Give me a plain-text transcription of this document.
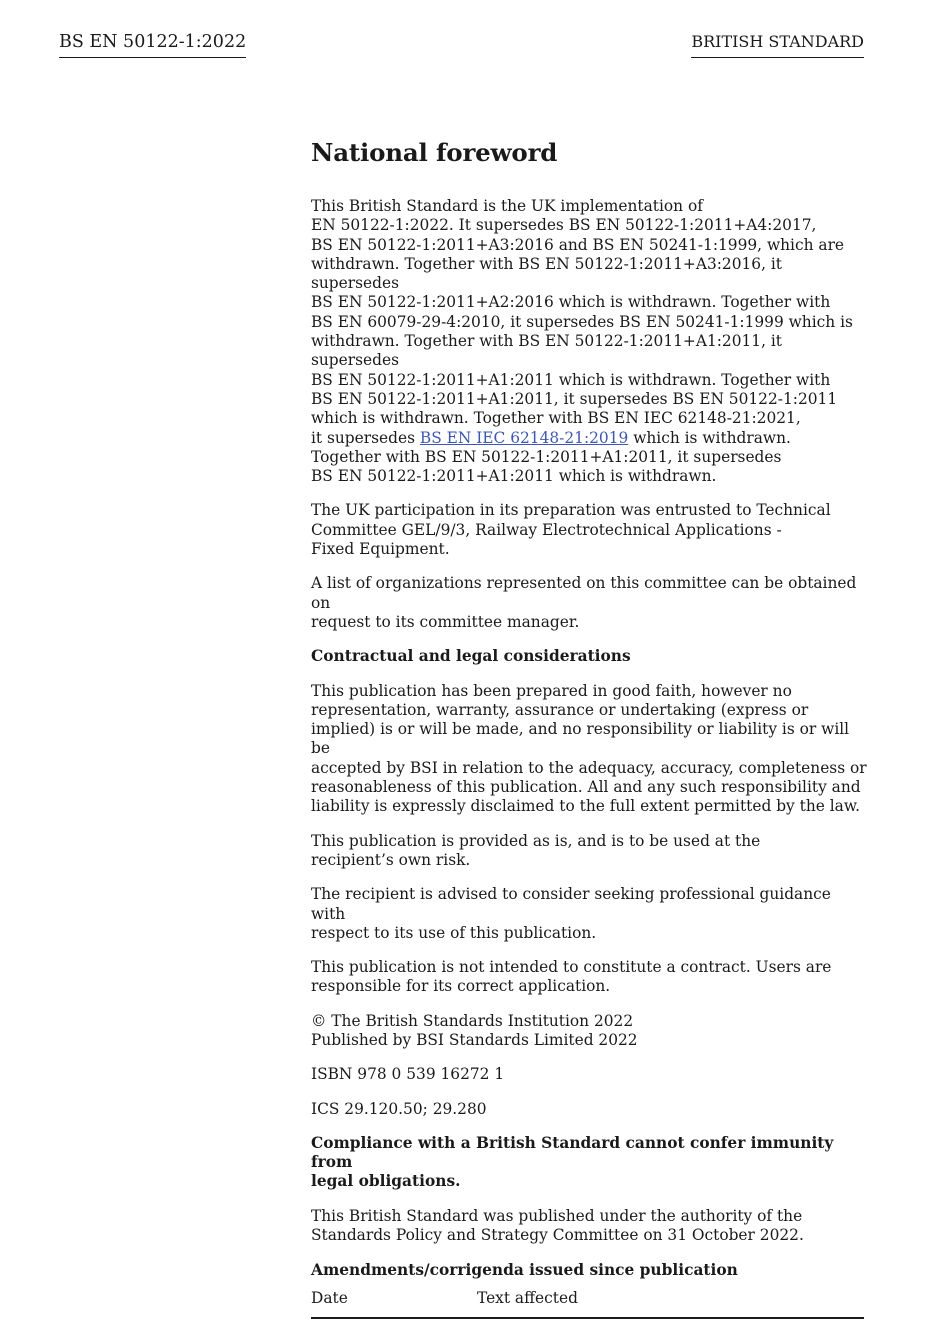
BS EN 50122-1:2022	BRITISH STANDARD
National foreword

This British Standard is the UK implementation of
EN 50122-1:2022. It supersedes BS EN 50122-1:2011+A4:2017,
BS EN 50122-1:2011+A3:2016 and BS EN 50241-1:1999, which are
withdrawn. Together with BS EN 50122-1:2011+A3:2016, it supersedes
BS EN 50122-1:2011+A2:2016 which is withdrawn. Together with
BS EN 60079-29-4:2010, it supersedes BS EN 50241-1:1999 which is
withdrawn. Together with BS EN 50122-1:2011+A1:2011, it supersedes
BS EN 50122-1:2011+A1:2011 which is withdrawn. Together with
BS EN 50122-1:2011+A1:2011, it supersedes BS EN 50122-1:2011
which is withdrawn. Together with BS EN IEC 62148-21:2021,
it supersedes BS EN IEC 62148-21:2019 which is withdrawn.
Together with BS EN 50122-1:2011+A1:2011, it supersedes
BS EN 50122-1:2011+A1:2011 which is withdrawn.

The UK participation in its preparation was entrusted to Technical
Committee GEL/9/3, Railway Electrotechnical Applications -
Fixed Equipment.

A list of organizations represented on this committee can be obtained on
request to its committee manager.

Contractual and legal considerations

This publication has been prepared in good faith, however no
representation, warranty, assurance or undertaking (express or
implied) is or will be made, and no responsibility or liability is or will be
accepted by BSI in relation to the adequacy, accuracy, completeness or
reasonableness of this publication. All and any such responsibility and
liability is expressly disclaimed to the full extent permitted by the law.

This publication is provided as is, and is to be used at the
recipient’s own risk.

The recipient is advised to consider seeking professional guidance with
respect to its use of this publication.

This publication is not intended to constitute a contract. Users are
responsible for its correct application.

© The British Standards Institution 2022
Published by BSI Standards Limited 2022

ISBN 978 0 539 16272 1

ICS 29.120.50; 29.280

Compliance with a British Standard cannot confer immunity from
legal obligations.

This British Standard was published under the authority of the
Standards Policy and Strategy Committee on 31 October 2022.

Amendments/corrigenda issued since publication
Date	Text affected
